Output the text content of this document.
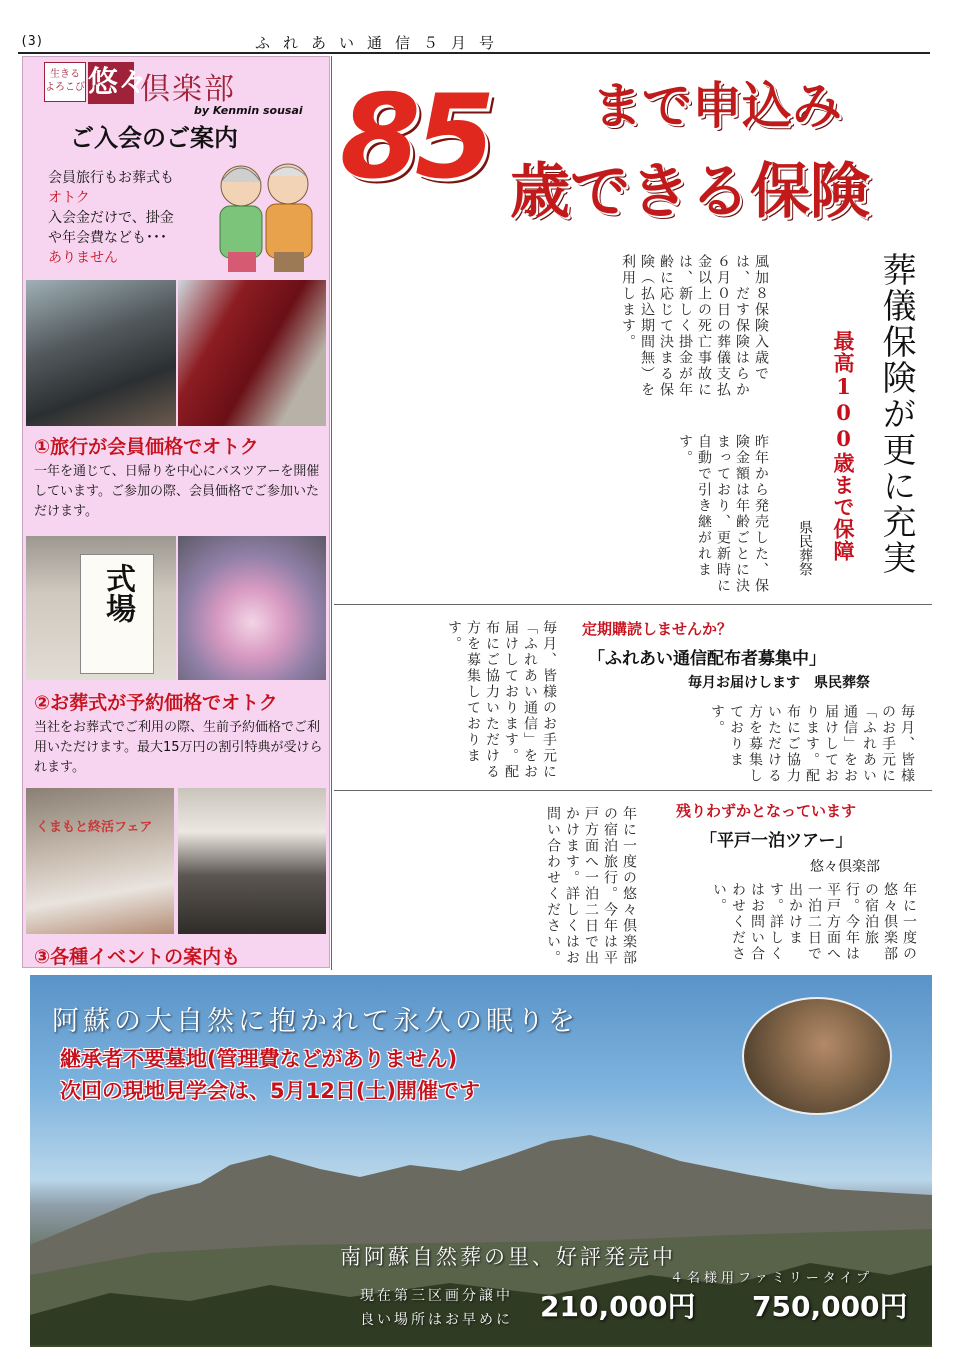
(3)	ふれあい通信５月号
生きる よろこび 悠々
倶楽部
by Kenmin sousai
ご入会のご案内
会員旅行もお葬式も
オトク
入会金だけで、掛金
や年会費なども･･･
ありません
①旅行が会員価格でオトク
一年を通じて、日帰りを中心にバスツアーを開催しています。ご参加の際、会員価格でご参加いただけます。
式場
②お葬式が予約価格でオトク
当社をお葬式でご利用の際、生前予約価格でご利用いただけます。最大15万円の割引特典が受けられます。
くまもと終活フェア
③各種イベントの案内も
85 まで申込み
歳できる保険
葬儀保険が更に充実
最高100歳まで保障
県民葬祭
風加８保険入歳では、だす保険はらか６月０日の葬儀支払金以上の死亡事故には、新しく掛金が年齢に応じて決まる保険（払込期間無）を利用します。
昨年から発売した、保険金額は年齢ごとに決まっており、更新時に自動で引き継がれます。
定期購読しませんか？
「ふれあい通信配布者募集中」
毎月お届けします　県民葬祭
毎月、皆様のお手元に「ふれあい通信」をお届けしております。配布にご協力いただける方を募集しております。
毎月、皆様のお手元に「ふれあい通信」をお届けしております。配布にご協力いただける方を募集しております。
残りわずかとなっています
「平戸一泊ツアー」
悠々倶楽部
年に一度の悠々倶楽部の宿泊旅行。今年は平戸方面へ一泊二日で出かけます。詳しくはお問い合わせください。	年に一度の悠々倶楽部の宿泊旅行。今年は平戸方面へ一泊二日で出かけます。詳しくはお問い合わせください。
阿蘇の大自然に抱かれて永久の眠りを
継承者不要墓地(管理費などがありません)
次回の現地見学会は、5月12日(土)開催です
南阿蘇自然葬の里、好評発売中
４名様用ファミリータイプ
現在第三区画分譲中
良い場所はお早めに 210,000円 750,000円
